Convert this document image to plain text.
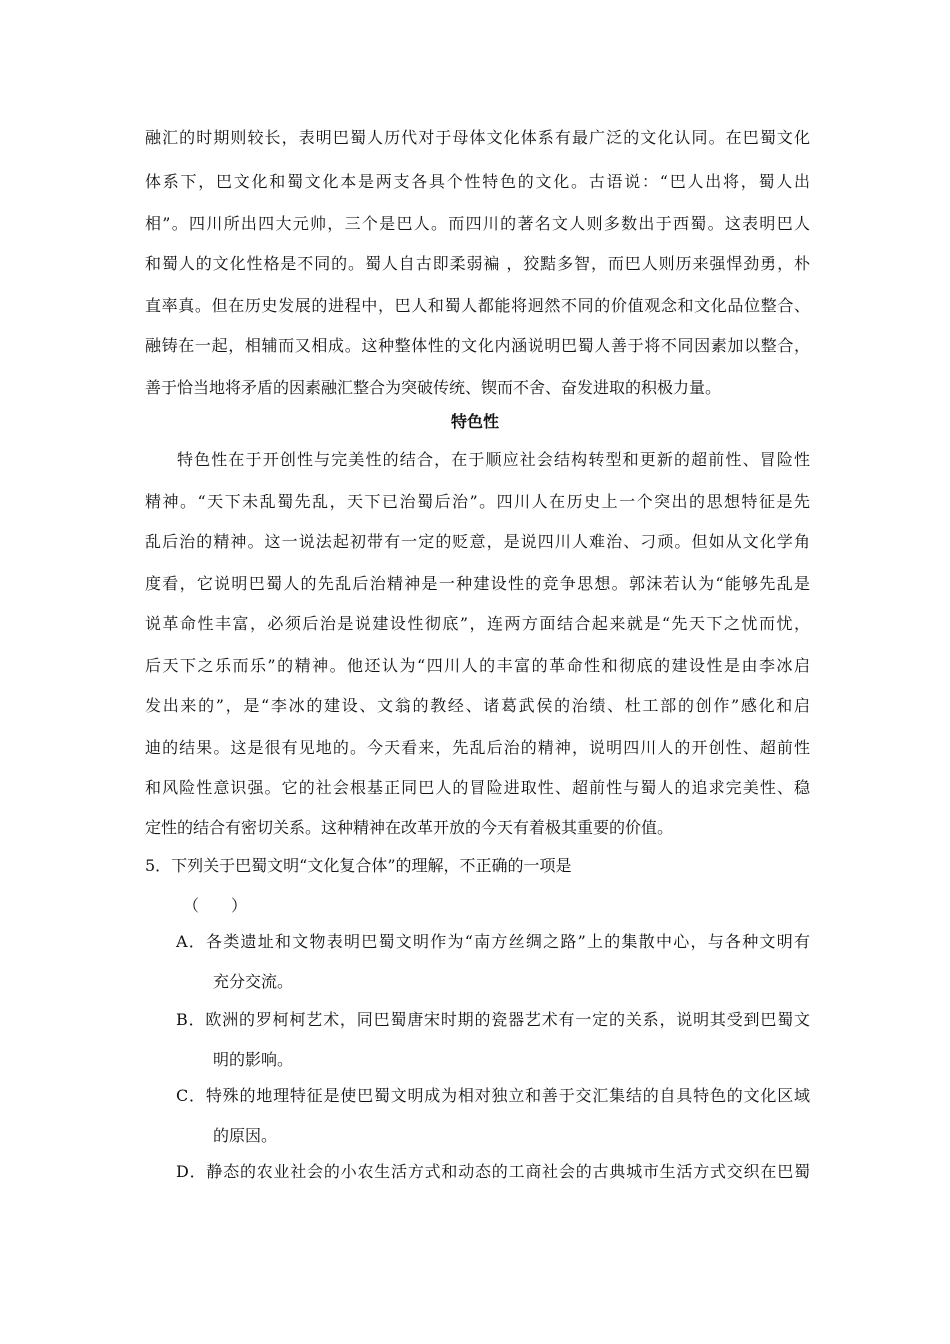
融汇的时期则较长，表明巴蜀人历代对于母体文化体系有最广泛的文化认同。在巴蜀文化
体系下，巴文化和蜀文化本是两支各具个性特色的文化。古语说：“巴人出将，蜀人出
相”。四川所出四大元帅，三个是巴人。而四川的著名文人则多数出于西蜀。这表明巴人
和蜀人的文化性格是不同的。蜀人自古即柔弱褊 ，狡黠多智，而巴人则历来强悍劲勇，朴
直率真。但在历史发展的进程中，巴人和蜀人都能将迥然不同的价值观念和文化品位整合、
融铸在一起，相辅而又相成。这种整体性的文化内涵说明巴蜀人善于将不同因素加以整合，
善于恰当地将矛盾的因素融汇整合为突破传统、锲而不舍、奋发进取的积极力量。
特色性
特色性在于开创性与完美性的结合，在于顺应社会结构转型和更新的超前性、冒险性
精神。“天下未乱蜀先乱，天下已治蜀后治”。四川人在历史上一个突出的思想特征是先
乱后治的精神。这一说法起初带有一定的贬意，是说四川人难治、刁顽。但如从文化学角
度看，它说明巴蜀人的先乱后治精神是一种建设性的竞争思想。郭沫若认为“能够先乱是
说革命性丰富，必须后治是说建设性彻底”，连两方面结合起来就是“先天下之忧而忧，
后天下之乐而乐”的精神。他还认为“四川人的丰富的革命性和彻底的建设性是由李冰启
发出来的”，是“李冰的建设、文翁的教经、诸葛武侯的治绩、杜工部的创作”感化和启
迪的结果。这是很有见地的。今天看来，先乱后治的精神，说明四川人的开创性、超前性
和风险性意识强。它的社会根基正同巴人的冒险进取性、超前性与蜀人的追求完美性、稳
定性的结合有密切关系。这种精神在改革开放的今天有着极其重要的价值。
5．下列关于巴蜀文明“文化复合体”的理解，不正确的一项是
（　　）
A．各类遗址和文物表明巴蜀文明作为“南方丝绸之路”上的集散中心，与各种文明有
充分交流。
B．欧洲的罗柯柯艺术，同巴蜀唐宋时期的瓷器艺术有一定的关系，说明其受到巴蜀文
明的影响。
C．特殊的地理特征是使巴蜀文明成为相对独立和善于交汇集结的自具特色的文化区域
的原因。
D．静态的农业社会的小农生活方式和动态的工商社会的古典城市生活方式交织在巴蜀
